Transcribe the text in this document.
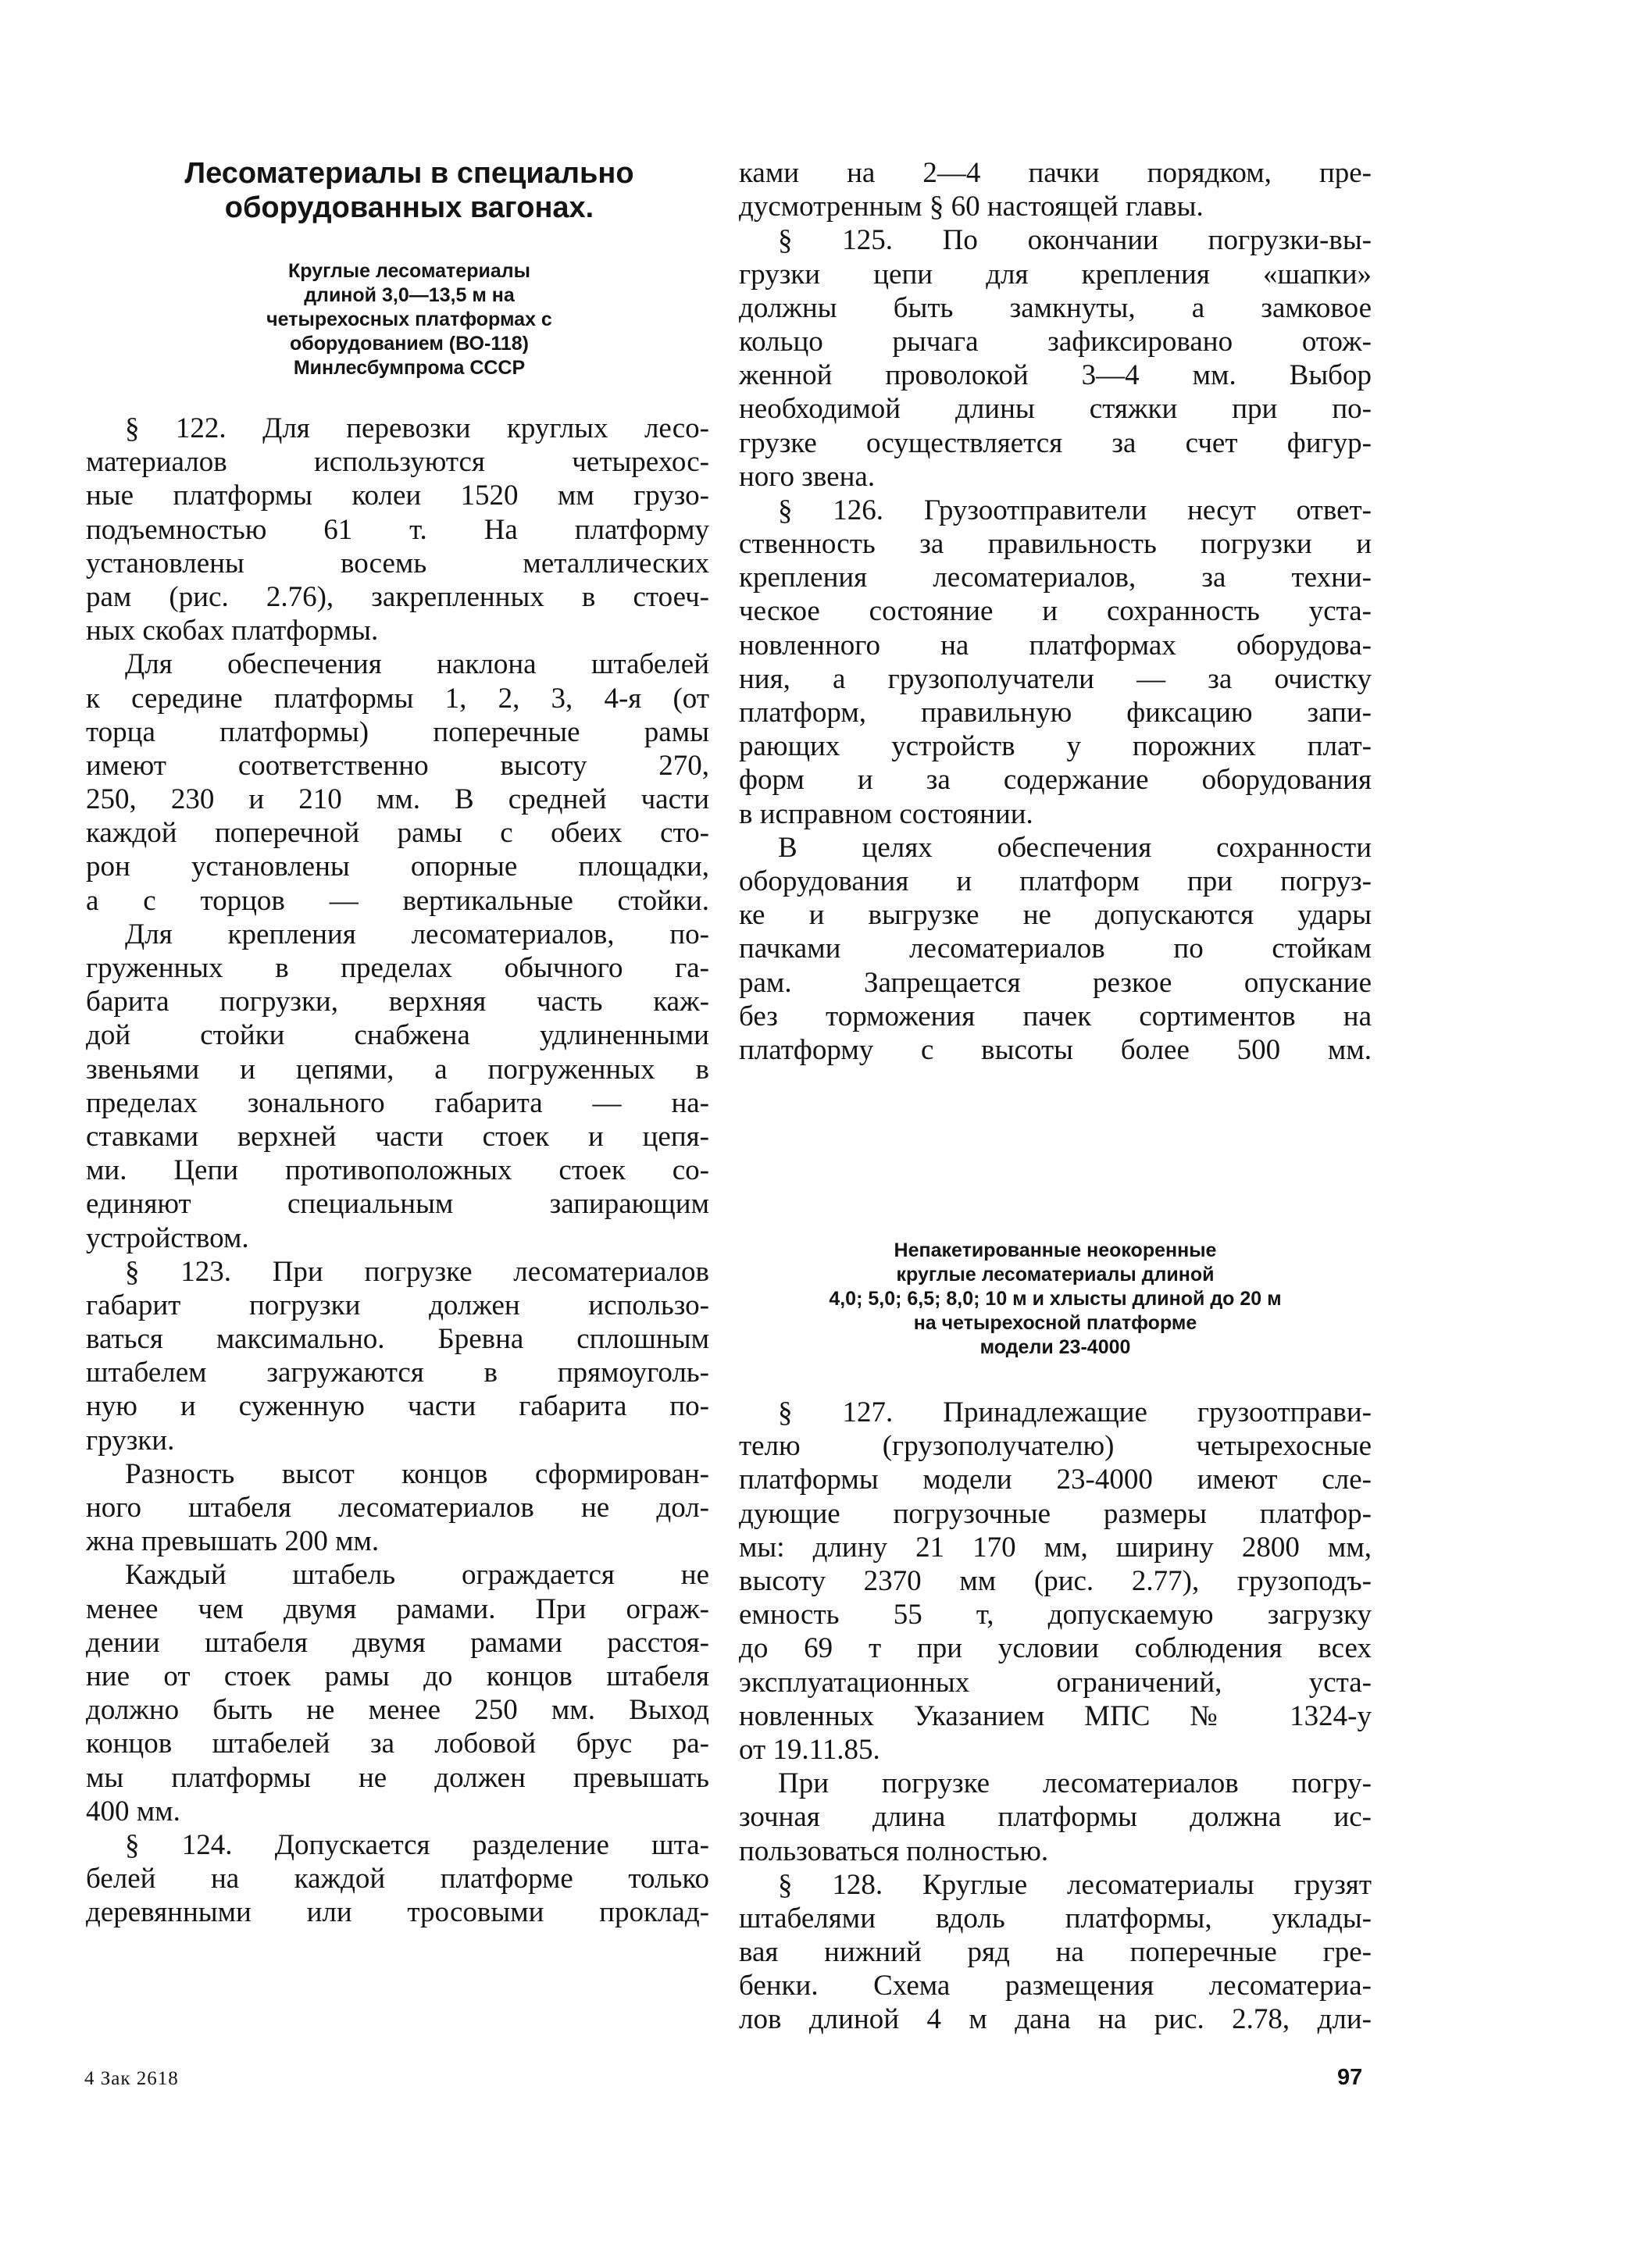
Лесоматериалы в специально
оборудованных вагонах.
Круглые лесоматериалы
длиной 3,0—13,5 м на
четырехосных платформах с
оборудованием (ВО-118)
Минлесбумпрома СССР
§ 122. Для перевозки круглых лесо-
материалов используются четырехос-
ные платформы колеи 1520 мм грузо-
подъемностью 61 т. На платформу
установлены восемь металлических
рам (рис. 2.76), закрепленных в стоеч-
ных скобах платформы.
Для обеспечения наклона штабелей
к середине платформы 1, 2, 3, 4-я (от
торца платформы) поперечные рамы
имеют соответственно высоту 270,
250, 230 и 210 мм. В средней части
каждой поперечной рамы с обеих сто-
рон установлены опорные площадки,
а с торцов — вертикальные стойки.
Для крепления лесоматериалов, по-
груженных в пределах обычного га-
барита погрузки, верхняя часть каж-
дой стойки снабжена удлиненными
звеньями и цепями, а погруженных в
пределах зонального габарита — на-
ставками верхней части стоек и цепя-
ми. Цепи противоположных стоек со-
единяют специальным запирающим
устройством.
§ 123. При погрузке лесоматериалов
габарит погрузки должен использо-
ваться максимально. Бревна сплошным
штабелем загружаются в прямоуголь-
ную и суженную части габарита по-
грузки.
Разность высот концов сформирован-
ного штабеля лесоматериалов не дол-
жна превышать 200 мм.
Каждый штабель ограждается не
менее чем двумя рамами. При ограж-
дении штабеля двумя рамами расстоя-
ние от стоек рамы до концов штабеля
должно быть не менее 250 мм. Выход
концов штабелей за лобовой брус ра-
мы платформы не должен превышать
400 мм.
§ 124. Допускается разделение шта-
белей на каждой платформе только
деревянными или тросовыми проклад-
ками на 2—4 пачки порядком, пре-
дусмотренным § 60 настоящей главы.
§ 125. По окончании погрузки-вы-
грузки цепи для крепления «шапки»
должны быть замкнуты, а замковое
кольцо рычага зафиксировано отож-
женной проволокой 3—4 мм. Выбор
необходимой длины стяжки при по-
грузке осуществляется за счет фигур-
ного звена.
§ 126. Грузоотправители несут ответ-
ственность за правильность погрузки и
крепления лесоматериалов, за техни-
ческое состояние и сохранность уста-
новленного на платформах оборудова-
ния, а грузополучатели — за очистку
платформ, правильную фиксацию запи-
рающих устройств у порожних плат-
форм и за содержание оборудования
в исправном состоянии.
В целях обеспечения сохранности
оборудования и платформ при погруз-
ке и выгрузке не допускаются удары
пачками лесоматериалов по стойкам
рам. Запрещается резкое опускание
без торможения пачек сортиментов на
платформу с высоты более 500 мм.
Непакетированные неокоренные
круглые лесоматериалы длиной
4,0; 5,0; 6,5; 8,0; 10 м и хлысты длиной до 20 м
на четырехосной платформе
модели 23-4000
§ 127. Принадлежащие грузоотправи-
телю (грузополучателю) четырехосные
платформы модели 23-4000 имеют сле-
дующие погрузочные размеры платфор-
мы: длину 21 170 мм, ширину 2800 мм,
высоту 2370 мм (рис. 2.77), грузоподъ-
емность 55 т, допускаемую загрузку
до 69 т при условии соблюдения всех
эксплуатационных ограничений, уста-
новленных Указанием МПС № 1324-у
от 19.11.85.
При погрузке лесоматериалов погру-
зочная длина платформы должна ис-
пользоваться полностью.
§ 128. Круглые лесоматериалы грузят
штабелями вдоль платформы, уклады-
вая нижний ряд на поперечные гре-
бенки. Схема размещения лесоматериа-
лов длиной 4 м дана на рис. 2.78, дли-
4 Зак 2618	97
